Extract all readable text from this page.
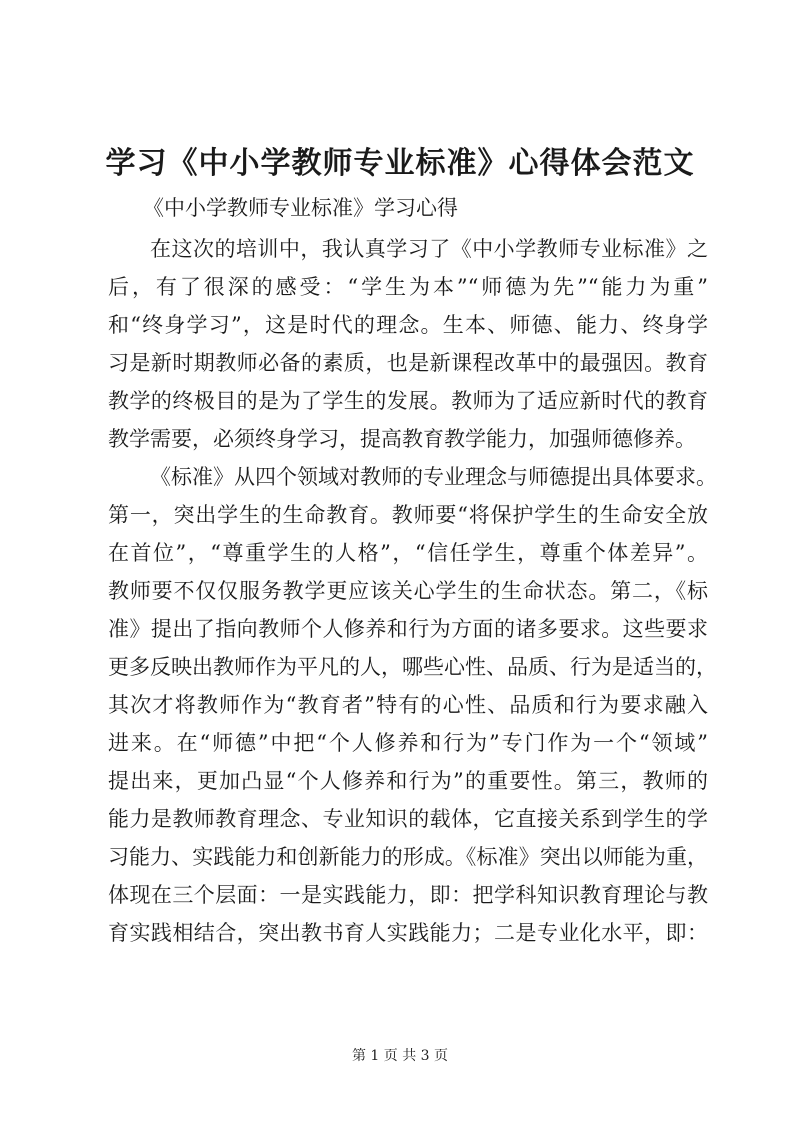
学习《中小学教师专业标准》心得体会范文

《中小学教师专业标准》学习心得

在这次的培训中，我认真学习了《中小学教师专业标准》之
后，有了很深的感受：“学生为本”“师德为先”“能力为重”
和“终身学习”，这是时代的理念。生本、师德、能力、终身学
习是新时期教师必备的素质，也是新课程改革中的最强因。教育
教学的终极目的是为了学生的发展。教师为了适应新时代的教育
教学需要，必须终身学习，提高教育教学能力，加强师德修养。
《标准》从四个领域对教师的专业理念与师德提出具体要求。
第一，突出学生的生命教育。教师要“将保护学生的生命安全放
在首位”，“尊重学生的人格”，“信任学生，尊重个体差异”。
教师要不仅仅服务教学更应该关心学生的生命状态。第二，《标
准》提出了指向教师个人修养和行为方面的诸多要求。这些要求
更多反映出教师作为平凡的人，哪些心性、品质、行为是适当的，
其次才将教师作为“教育者”特有的心性、品质和行为要求融入
进来。在“师德”中把“个人修养和行为”专门作为一个“领域”
提出来，更加凸显“个人修养和行为”的重要性。第三，教师的
能力是教师教育理念、专业知识的载体，它直接关系到学生的学
习能力、实践能力和创新能力的形成。《标准》突出以师能为重，
体现在三个层面：一是实践能力，即：把学科知识教育理论与教
育实践相结合，突出教书育人实践能力；二是专业化水平，即：
第 1 页 共 3 页
